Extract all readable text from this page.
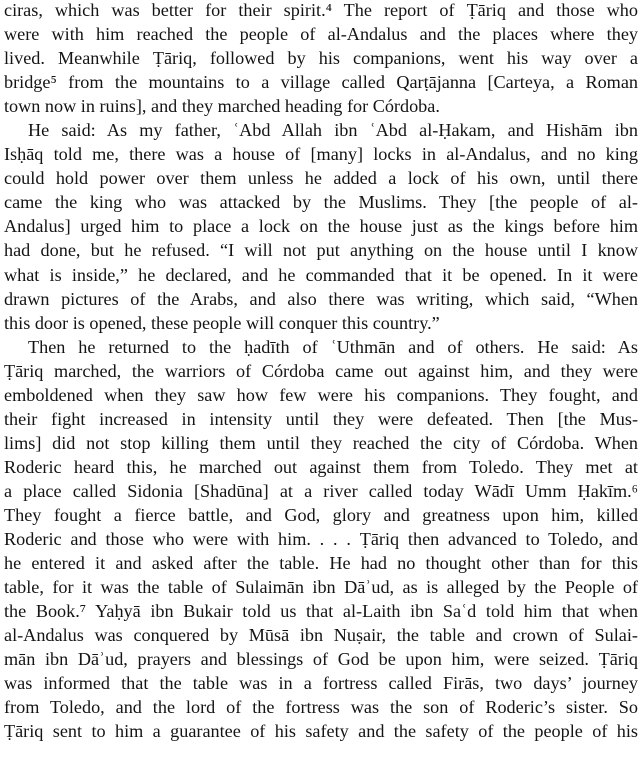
ciras, which was better for their spirit.⁴ The report of Ṭāriq and those who
were with him reached the people of al-Andalus and the places where they
lived. Meanwhile Ṭāriq, followed by his companions, went his way over a
bridge⁵ from the mountains to a village called Qarṭājanna [Carteya, a Roman
town now in ruins], and they marched heading for Córdoba.

He said: As my father, ʿAbd Allah ibn ʿAbd al-Ḥakam, and Hishām ibn
Isḥāq told me, there was a house of [many] locks in al-Andalus, and no king
could hold power over them unless he added a lock of his own, until there
came the king who was attacked by the Muslims. They [the people of al-
Andalus] urged him to place a lock on the house just as the kings before him
had done, but he refused. “I will not put anything on the house until I know
what is inside,” he declared, and he commanded that it be opened. In it were
drawn pictures of the Arabs, and also there was writing, which said, “When
this door is opened, these people will conquer this country.”

Then he returned to the ḥadīth of ʿUthmān and of others. He said: As
Ṭāriq marched, the warriors of Córdoba came out against him, and they were
emboldened when they saw how few were his companions. They fought, and
their fight increased in intensity until they were defeated. Then [the Mus-
lims] did not stop killing them until they reached the city of Córdoba. When
Roderic heard this, he marched out against them from Toledo. They met at
a place called Sidonia [Shadūna] at a river called today Wādī Umm Ḥakīm.⁶
They fought a fierce battle, and God, glory and greatness upon him, killed
Roderic and those who were with him. . . . Ṭāriq then advanced to Toledo, and
he entered it and asked after the table. He had no thought other than for this
table, for it was the table of Sulaimān ibn Dāʾud, as is alleged by the People of
the Book.⁷ Yaḥyā ibn Bukair told us that al-Laith ibn Saʿd told him that when
al-Andalus was conquered by Mūsā ibn Nuṣair, the table and crown of Sulai-
mān ibn Dāʾud, prayers and blessings of God be upon him, were seized. Ṭāriq
was informed that the table was in a fortress called Firās, two days’ journey
from Toledo, and the lord of the fortress was the son of Roderic’s sister. So
Ṭāriq sent to him a guarantee of his safety and the safety of the people of his
